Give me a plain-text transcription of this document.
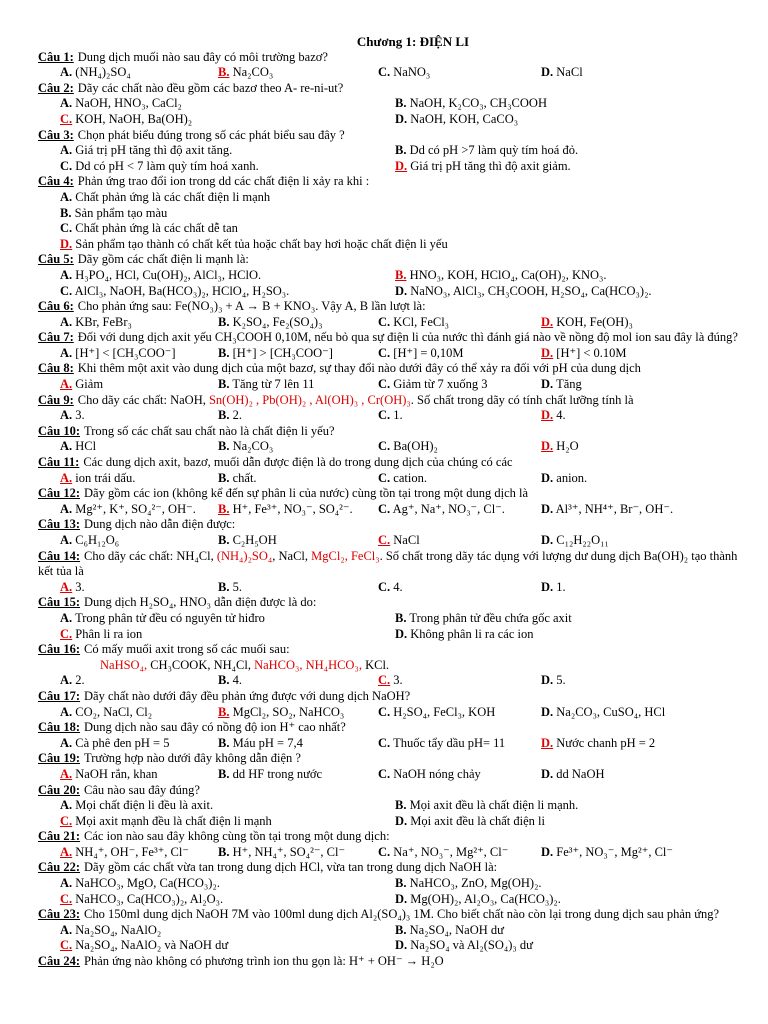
Chương 1: ĐIỆN LI
Câu 1: Dung dịch muối nào sau đây có môi trường bazơ?
A. (NH₄)₂SO₄	B. Na₂CO₃	C. NaNO₃	D. NaCl
Câu 2: Dãy các chất nào đều gồm các bazơ theo A- re-ni-ut?
A. NaOH, HNO₃, CaCl₂	B. NaOH, K₂CO₃, CH₃COOH
C. KOH, NaOH, Ba(OH)₂	D. NaOH, KOH, CaCO₃
Câu 3: Chọn phát biểu đúng trong số các phát biểu sau đây ?
A. Giá trị pH tăng thì độ axit tăng.	B. Dd có pH >7 làm quỳ tím hoá đỏ.
C. Dd có pH < 7 làm quỳ tím hoá xanh.	D. Giá trị pH tăng thì độ axit giảm.
Câu 4: Phản ứng trao đổi ion trong dd các chất điện li xảy ra khi :
A. Chất phản ứng là các chất điện li mạnh
B. Sản phẩm tạo màu
C. Chất phản ứng là các chất dễ tan
D. Sản phẩm tạo thành có chất kết tủa hoặc chất bay hơi hoặc chất điện li yếu
Câu 5: Dãy gồm các chất điện li mạnh là:
A. H₃PO₄, HCl, Cu(OH)₂, AlCl₃, HClO.	B. HNO₃, KOH, HClO₄, Ca(OH)₂, KNO₃.
C. AlCl₃, NaOH, Ba(HCO₃)₂, HClO₄, H₂SO₃.	D. NaNO₃, AlCl₃, CH₃COOH, H₂SO₄, Ca(HCO₃)₂.
Câu 6: Cho phản ứng sau: Fe(NO₃)₃ + A → B + KNO₃. Vậy A, B lần lượt là:
A. KBr, FeBr₃	B. K₂SO₄, Fe₂(SO₄)₃	C. KCl, FeCl₃	D. KOH, Fe(OH)₃
Câu 7: Đối với dung dịch axit yếu CH₃COOH 0,10M, nếu bỏ qua sự điện li của nước thì đánh giá nào về nồng độ mol ion sau đây là đúng?
A. [H⁺] < [CH₃COO⁻]	B. [H⁺] > [CH₃COO⁻]	C. [H⁺] = 0,10M	D. [H⁺] < 0.10M
Câu 8: Khi thêm một axit vào dung dịch của một bazơ, sự thay đổi nào dưới đây có thể xảy ra đối với pH của dung dịch
A. Giảm	B. Tăng từ 7 lên 11	C. Giảm từ 7 xuống 3	D. Tăng
Câu 9: Cho dãy các chất: NaOH, Sn(OH)₂ , Pb(OH)₂ , Al(OH)₃ , Cr(OH)₃. Số chất trong dãy có tính chất lưỡng tính là
A. 3.	B. 2.	C. 1.	D. 4.
Câu 10: Trong số các chất sau chất nào là chất điện li yếu?
A. HCl	B. Na₂CO₃	C. Ba(OH)₂	D. H₂O
Câu 11: Các dung dịch axit, bazơ, muối dẫn được điện là do trong dung dịch của chúng có các
A. ion trái dấu.	B. chất.	C. cation.	D. anion.
Câu 12: Dãy gồm các ion (không kể đến sự phân li của nước) cùng tồn tại trong một dung dịch là
A. Mg²⁺, K⁺, SO₄²⁻, OH⁻.	B. H⁺, Fe³⁺, NO₃⁻, SO₄²⁻.	C. Ag⁺, Na⁺, NO₃⁻, Cl⁻.	D. Al³⁺, NH⁴⁺, Br⁻, OH⁻.
Câu 13: Dung dịch nào dẫn điện được:
A. C₆H₁₂O₆	B. C₂H₅OH	C. NaCl	D. C₁₂H₂₂O₁₁
Câu 14: Cho dãy các chất: NH₄Cl, (NH₄)₂SO₄, NaCl, MgCl₂, FeCl₃. Số chất trong dãy tác dụng với lượng dư dung dịch Ba(OH)₂ tạo thành kết tủa là
A. 3.	B. 5.	C. 4.	D. 1.
Câu 15: Dung dịch H₂SO₄, HNO₃ dẫn điện được là do:
A. Trong phân tử đều có nguyên tử hiđro	B. Trong phân tử đều chứa gốc axit
C. Phân li ra ion	D. Không phân li ra các ion
Câu 16: Có mấy muối axit trong số các muối sau:
NaHSO₄, CH₃COOK, NH₄Cl, NaHCO₃, NH₄HCO₃, KCl.
A. 2.	B. 4.	C. 3.	D. 5.
Câu 17: Dãy chất nào dưới đây đều phản ứng được với dung dịch NaOH?
A. CO₂, NaCl, Cl₂	B. MgCl₂, SO₂, NaHCO₃	C. H₂SO₄, FeCl₃, KOH	D. Na₂CO₃, CuSO₄, HCl
Câu 18: Dung dịch nào sau đây có nồng độ ion H⁺ cao nhất?
A. Cà phê đen pH = 5	B. Máu pH = 7,4	C. Thuốc tẩy dầu pH= 11	D. Nước chanh pH = 2
Câu 19: Trường hợp nào dưới đây không dẫn điện ?
A. NaOH rắn, khan	B. dd HF trong nước	C. NaOH nóng chảy	D. dd NaOH
Câu 20: Câu nào sau đây đúng?
A. Mọi chất điện li đều là axit.	B. Mọi axit đều là chất điện li mạnh.
C. Mọi axit mạnh đều là chất điện li mạnh	D. Mọi axit đều là chất điện li
Câu 21: Các ion nào sau đây không cùng tồn tại trong một dung dịch:
A. NH₄⁺, OH⁻, Fe³⁺, Cl⁻	B. H⁺, NH₄⁺, SO₄²⁻, Cl⁻	C. Na⁺, NO₃⁻, Mg²⁺, Cl⁻	D. Fe³⁺, NO₃⁻, Mg²⁺, Cl⁻
Câu 22: Dãy gồm các chất vừa tan trong dung dịch HCl, vừa tan trong dung dịch NaOH là:
A. NaHCO₃, MgO, Ca(HCO₃)₂.	B. NaHCO₃, ZnO, Mg(OH)₂.
C. NaHCO₃, Ca(HCO₃)₂, Al₂O₃.	D. Mg(OH)₂, Al₂O₃, Ca(HCO₃)₂.
Câu 23: Cho 150ml dung dịch NaOH 7M vào 100ml dung dịch Al₂(SO₄)₃ 1M. Cho biết chất nào còn lại trong dung dịch sau phản ứng?
A. Na₂SO₄, NaAlO₂	B. Na₂SO₄, NaOH dư
C. Na₂SO₄, NaAlO₂ và NaOH dư	D. Na₂SO₄ và Al₂(SO₄)₃ dư
Câu 24: Phản ứng nào không có phương trình ion thu gọn là: H⁺ + OH⁻ → H₂O
